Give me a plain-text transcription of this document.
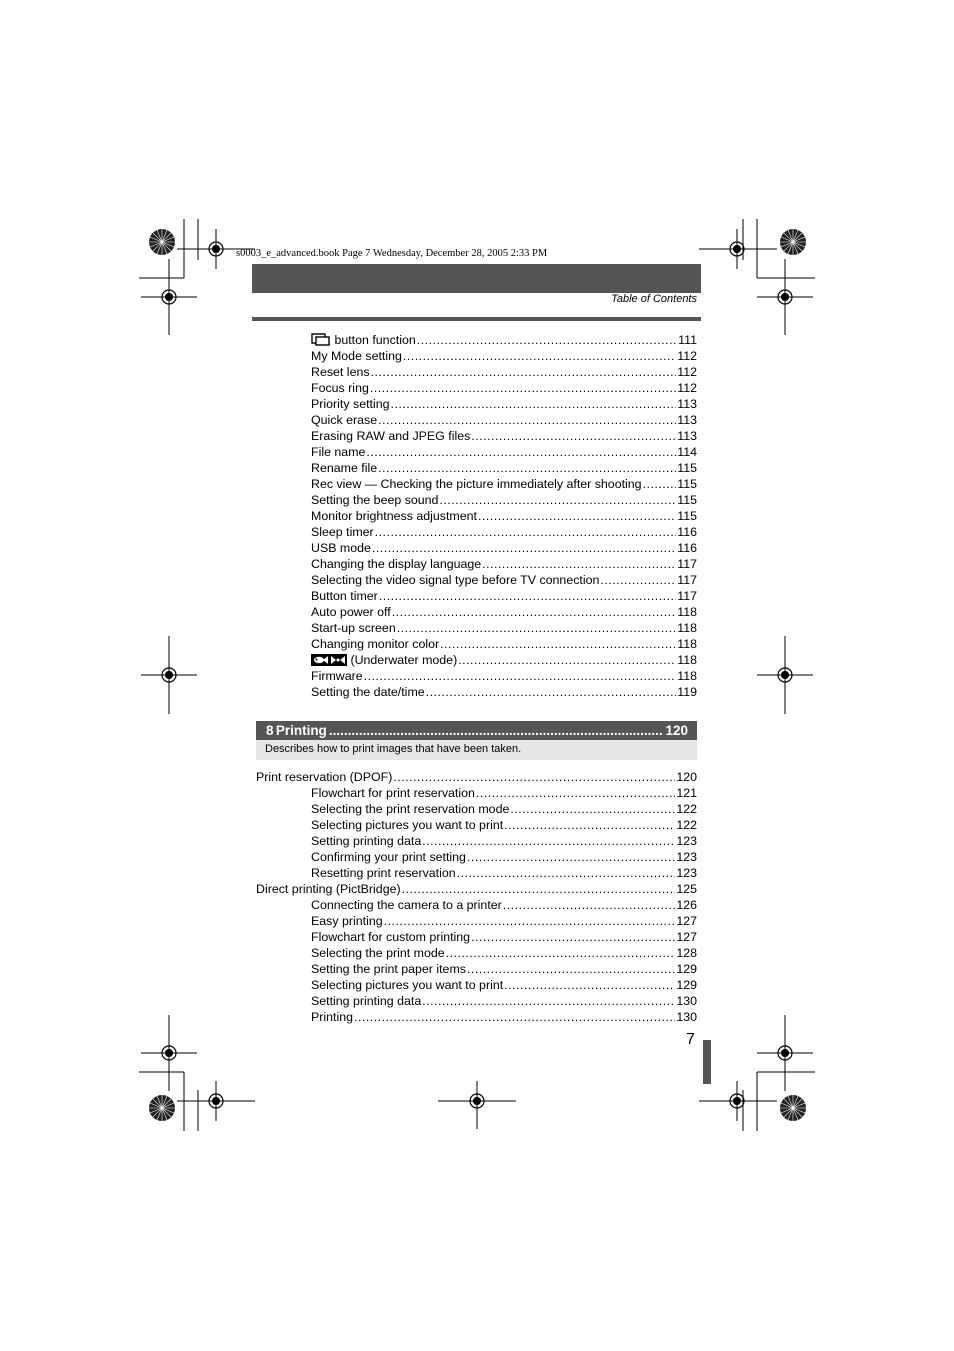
s0003_e_advanced.book Page 7 Wednesday, December 28, 2005 2:33 PM
Table of Contents
button function .....	111
My Mode setting .....	112
Reset lens .....	112
Focus ring .....	112
Priority setting .....	113
Quick erase .....	113
Erasing RAW and JPEG files .....	113
File name .....	114
Rename file .....	115
Rec view — Checking the picture immediately after shooting .....	115
Setting the beep sound .....	115
Monitor brightness adjustment .....	115
Sleep timer .....	116
USB mode .....	116
Changing the display language .....	117
Selecting the video signal type before TV connection .....	117
Button timer .....	117
Auto power off .....	118
Start-up screen .....	118
Changing monitor color .....	118
(Underwater mode) .....	118
Firmware .....	118
Setting the date/time .....	119
8 Printing .....	120
Describes how to print images that have been taken.
Print reservation (DPOF) .....	120
Flowchart for print reservation .....	121
Selecting the print reservation mode .....	122
Selecting pictures you want to print .....	122
Setting printing data .....	123
Confirming your print setting .....	123
Resetting print reservation .....	123
Direct printing (PictBridge) .....	125
Connecting the camera to a printer .....	126
Easy printing .....	127
Flowchart for custom printing .....	127
Selecting the print mode .....	128
Setting the print paper items .....	129
Selecting pictures you want to print .....	129
Setting printing data .....	130
Printing .....	130
7
